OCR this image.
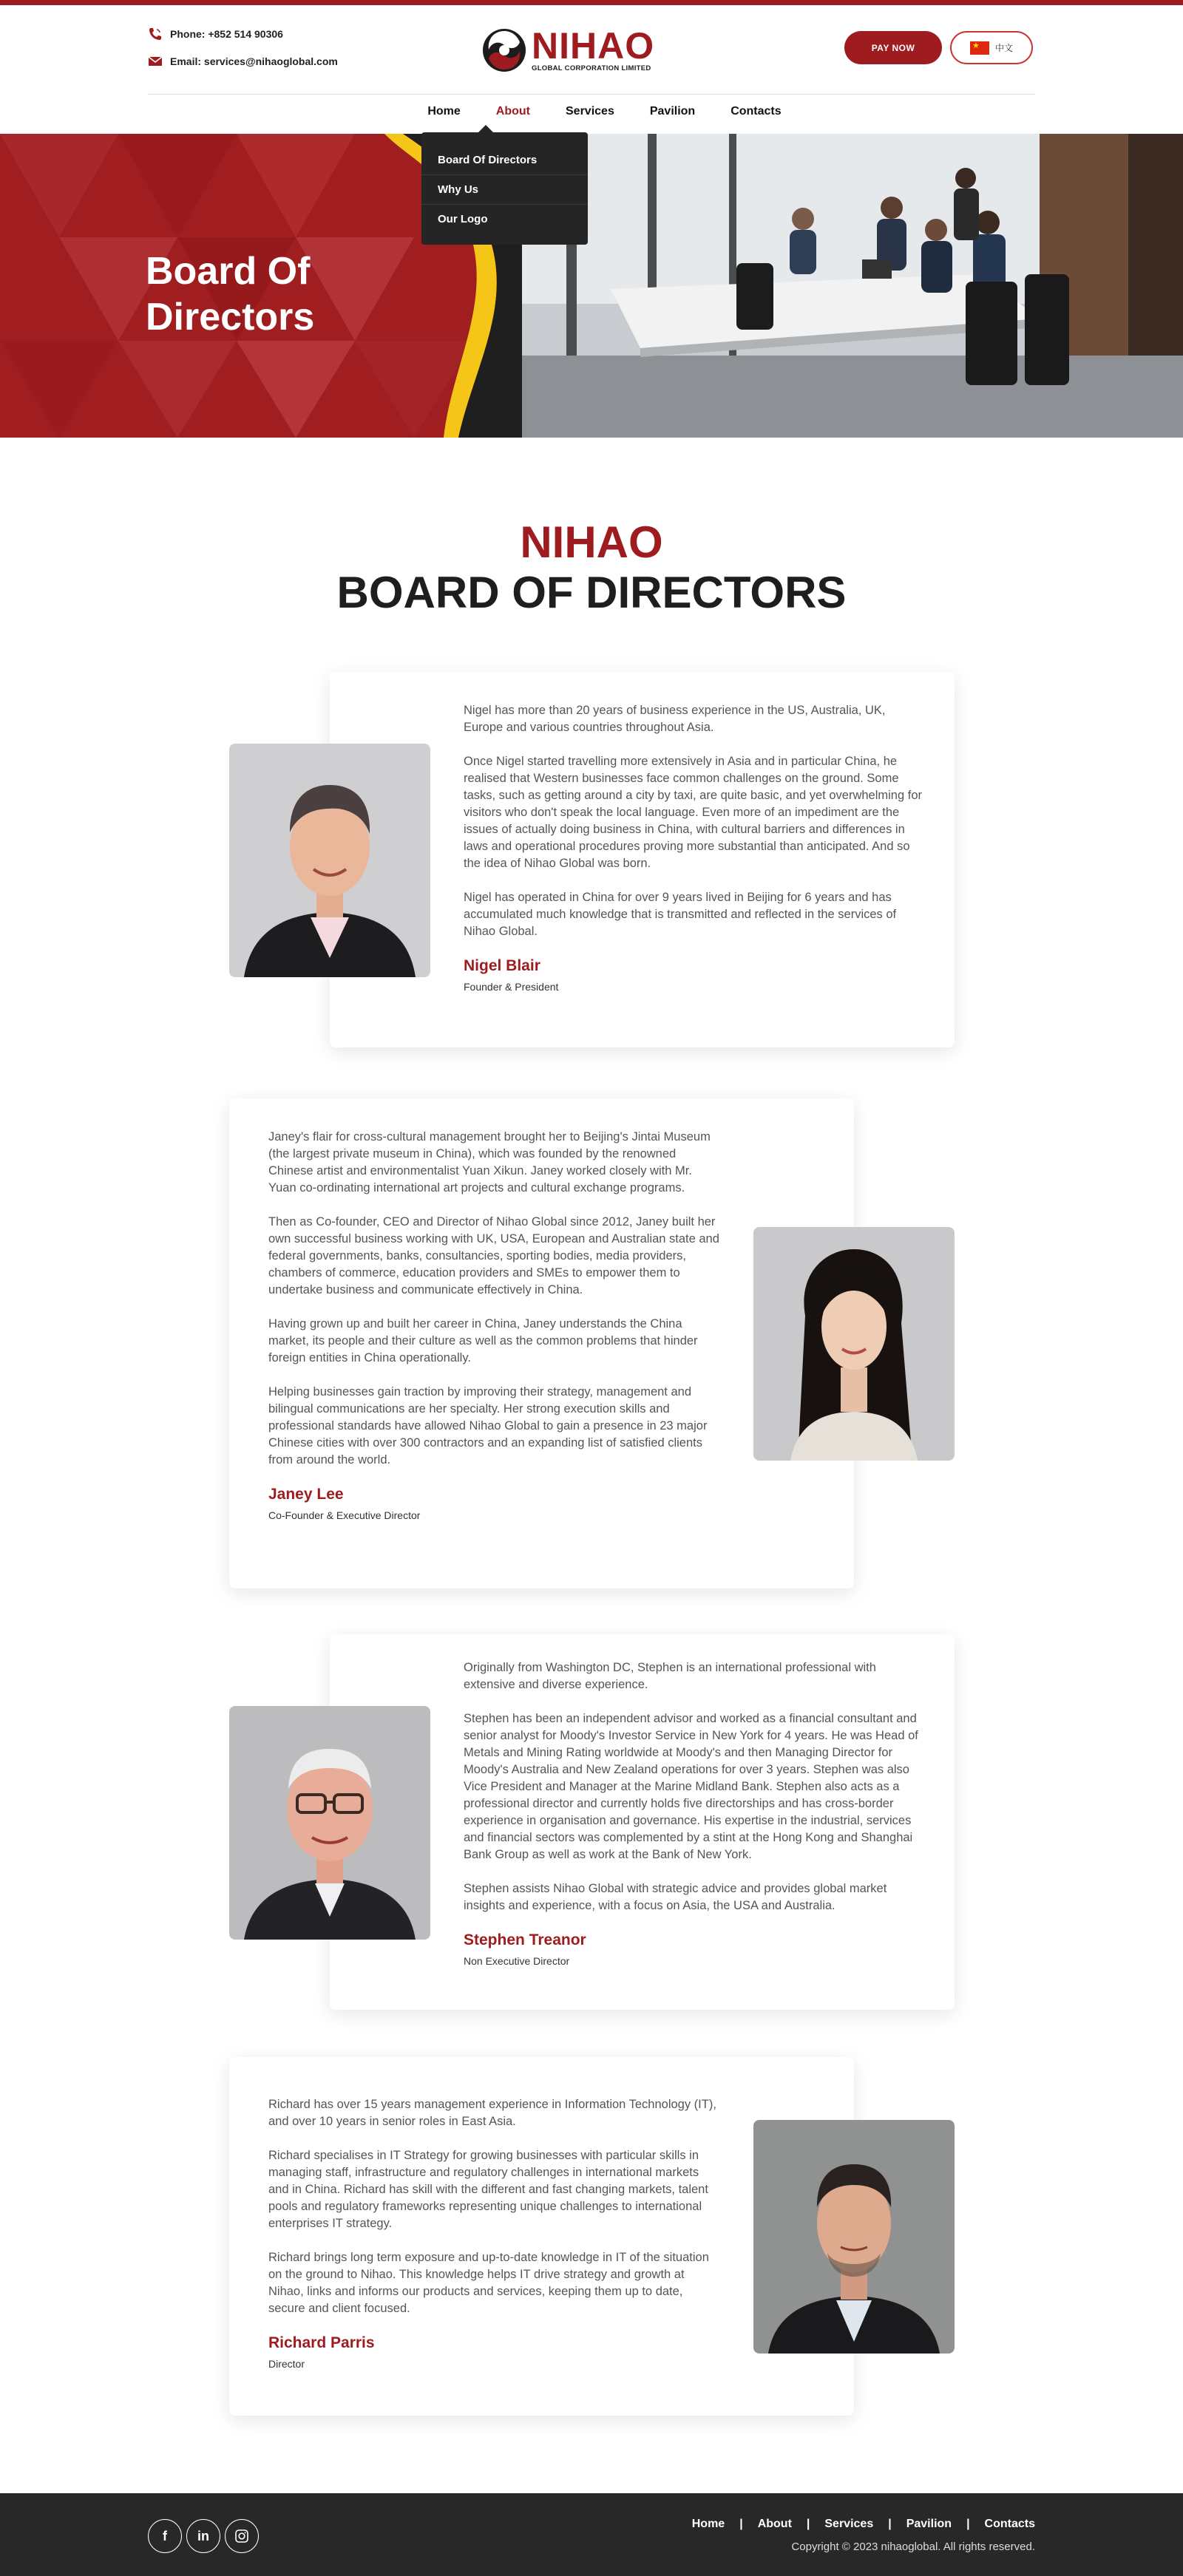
Phone: +852 514 90306
Email: services@nihaoglobal.com	NIHAO
GLOBAL CORPORATION LIMITED
PAY NOW
★	中文
Home	About	Services	Pavilion	Contacts
Board Of
Directors
Board Of Directors
Why Us
Our Logo
NIHAO
BOARD OF DIRECTORS

Nigel has more than 20 years of business experience in the US, Australia, UK, Europe and various countries throughout Asia.

Once Nigel started travelling more extensively in Asia and in particular China, he realised that Western businesses face common challenges on the ground. Some tasks, such as getting around a city by taxi, are quite basic, and yet overwhelming for visitors who don't speak the local language. Even more of an impediment are the issues of actually doing business in China, with cultural barriers and differences in laws and operational procedures proving more substantial than anticipated. And so the idea of Nihao Global was born.

Nigel has operated in China for over 9 years lived in Beijing for 6 years and has accumulated much knowledge that is transmitted and reflected in the services of Nihao Global.

Nigel Blair
Founder & President

Janey's flair for cross-cultural management brought her to Beijing's Jintai Museum (the largest private museum in China), which was founded by the renowned Chinese artist and environmentalist Yuan Xikun. Janey worked closely with Mr. Yuan co-ordinating international art projects and cultural exchange programs.

Then as Co-founder, CEO and Director of Nihao Global since 2012, Janey built her own successful business working with UK, USA, European and Australian state and federal governments, banks, consultancies, sporting bodies, media providers, chambers of commerce, education providers and SMEs to empower them to undertake business and communicate effectively in China.

Having grown up and built her career in China, Janey understands the China market, its people and their culture as well as the common problems that hinder foreign entities in China operationally.

Helping businesses gain traction by improving their strategy, management and bilingual communications are her specialty. Her strong execution skills and professional standards have allowed Nihao Global to gain a presence in 23 major Chinese cities with over 300 contractors and an expanding list of satisfied clients from around the world.

Janey Lee
Co-Founder & Executive Director

Originally from Washington DC, Stephen is an international professional with extensive and diverse experience.

Stephen has been an independent advisor and worked as a financial consultant and senior analyst for Moody's Investor Service in New York for 4 years. He was Head of Metals and Mining Rating worldwide at Moody's and then Managing Director for Moody's Australia and New Zealand operations for over 3 years. Stephen was also Vice President and Manager at the Marine Midland Bank. Stephen also acts as a professional director and currently holds five directorships and has cross-border experience in organisation and governance. His expertise in the industrial, services and financial sectors was complemented by a stint at the Hong Kong and Shanghai Bank Group as well as work at the Bank of New York.

Stephen assists Nihao Global with strategic advice and provides global market insights and experience, with a focus on Asia, the USA and Australia.

Stephen Treanor
Non Executive Director

Richard has over 15 years management experience in Information Technology (IT), and over 10 years in senior roles in East Asia.

Richard specialises in IT Strategy for growing businesses with particular skills in managing staff, infrastructure and regulatory challenges in international markets and in China. Richard has skill with the different and fast changing markets, talent pools and regulatory frameworks representing unique challenges to international enterprises IT strategy.

Richard brings long term exposure and up-to-date knowledge in IT of the situation on the ground to Nihao. This knowledge helps IT drive strategy and growth at Nihao, links and informs our products and services, keeping them up to date, secure and client focused.

Richard Parris
Director
f	in
Home | About | Services | Pavilion | Contacts
Copyright © 2023 nihaoglobal. All rights reserved.
